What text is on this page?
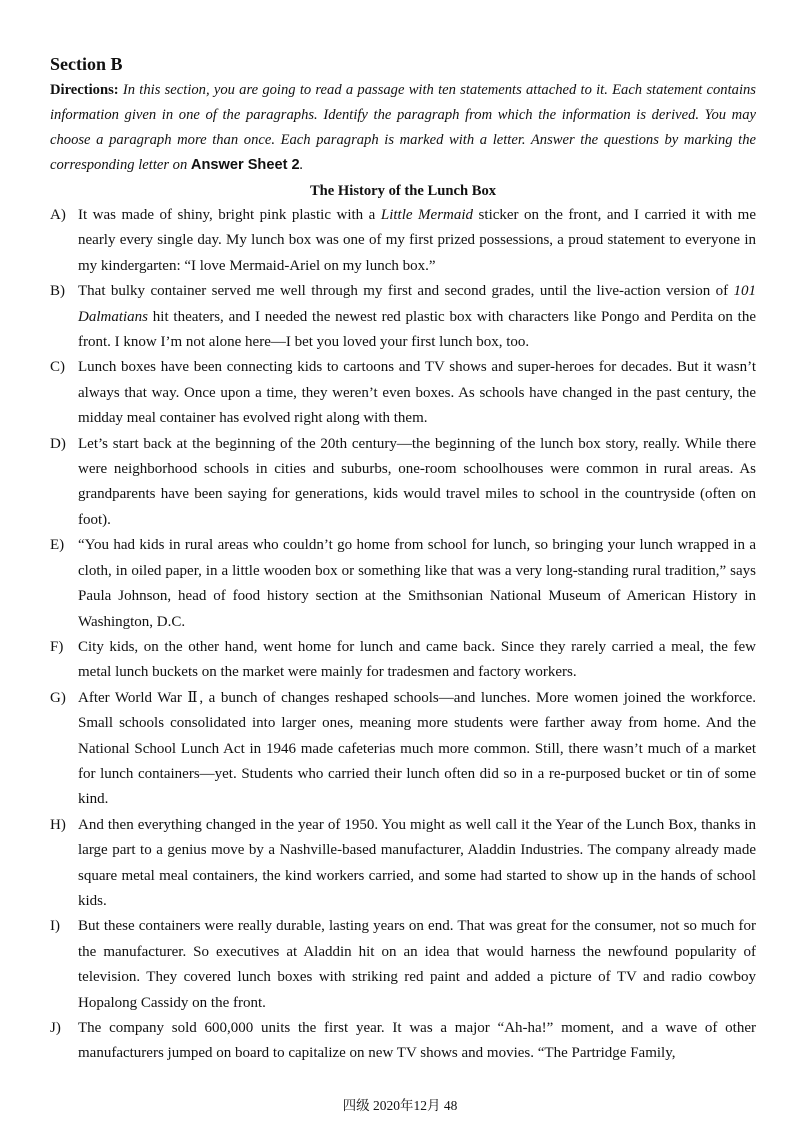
Section B

Directions: In this section, you are going to read a passage with ten statements attached to it. Each statement contains information given in one of the paragraphs. Identify the paragraph from which the information is derived. You may choose a paragraph more than once. Each paragraph is marked with a letter. Answer the questions by marking the corresponding letter on Answer Sheet 2.

The History of the Lunch Box

A) It was made of shiny, bright pink plastic with a Little Mermaid sticker on the front, and I carried it with me nearly every single day. My lunch box was one of my first prized possessions, a proud statement to everyone in my kindergarten: “I love Mermaid-Ariel on my lunch box.”

B) That bulky container served me well through my first and second grades, until the live-action version of 101 Dalmatians hit theaters, and I needed the newest red plastic box with characters like Pongo and Perdita on the front. I know I’m not alone here—I bet you loved your first lunch box, too.

C) Lunch boxes have been connecting kids to cartoons and TV shows and super-heroes for decades. But it wasn’t always that way. Once upon a time, they weren’t even boxes. As schools have changed in the past century, the midday meal container has evolved right along with them.

D) Let’s start back at the beginning of the 20th century—the beginning of the lunch box story, really. While there were neighborhood schools in cities and suburbs, one-room schoolhouses were common in rural areas. As grandparents have been saying for generations, kids would travel miles to school in the countryside (often on foot).

E) “You had kids in rural areas who couldn’t go home from school for lunch, so bringing your lunch wrapped in a cloth, in oiled paper, in a little wooden box or something like that was a very long-standing rural tradition,” says Paula Johnson, head of food history section at the Smithsonian National Museum of American History in Washington, D.C.

F) City kids, on the other hand, went home for lunch and came back. Since they rarely carried a meal, the few metal lunch buckets on the market were mainly for tradesmen and factory workers.

G) After World War Ⅱ, a bunch of changes reshaped schools—and lunches. More women joined the workforce. Small schools consolidated into larger ones, meaning more students were farther away from home. And the National School Lunch Act in 1946 made cafeterias much more common. Still, there wasn’t much of a market for lunch containers—yet. Students who carried their lunch often did so in a re-purposed bucket or tin of some kind.

H) And then everything changed in the year of 1950. You might as well call it the Year of the Lunch Box, thanks in large part to a genius move by a Nashville-based manufacturer, Aladdin Industries. The company already made square metal meal containers, the kind workers carried, and some had started to show up in the hands of school kids.

I) But these containers were really durable, lasting years on end. That was great for the consumer, not so much for the manufacturer. So executives at Aladdin hit on an idea that would harness the newfound popularity of television. They covered lunch boxes with striking red paint and added a picture of TV and radio cowboy Hopalong Cassidy on the front.

J) The company sold 600,000 units the first year. It was a major “Ah-ha!” moment, and a wave of other manufacturers jumped on board to capitalize on new TV shows and movies. “The Partridge Family,

四级 2020年12月 48
